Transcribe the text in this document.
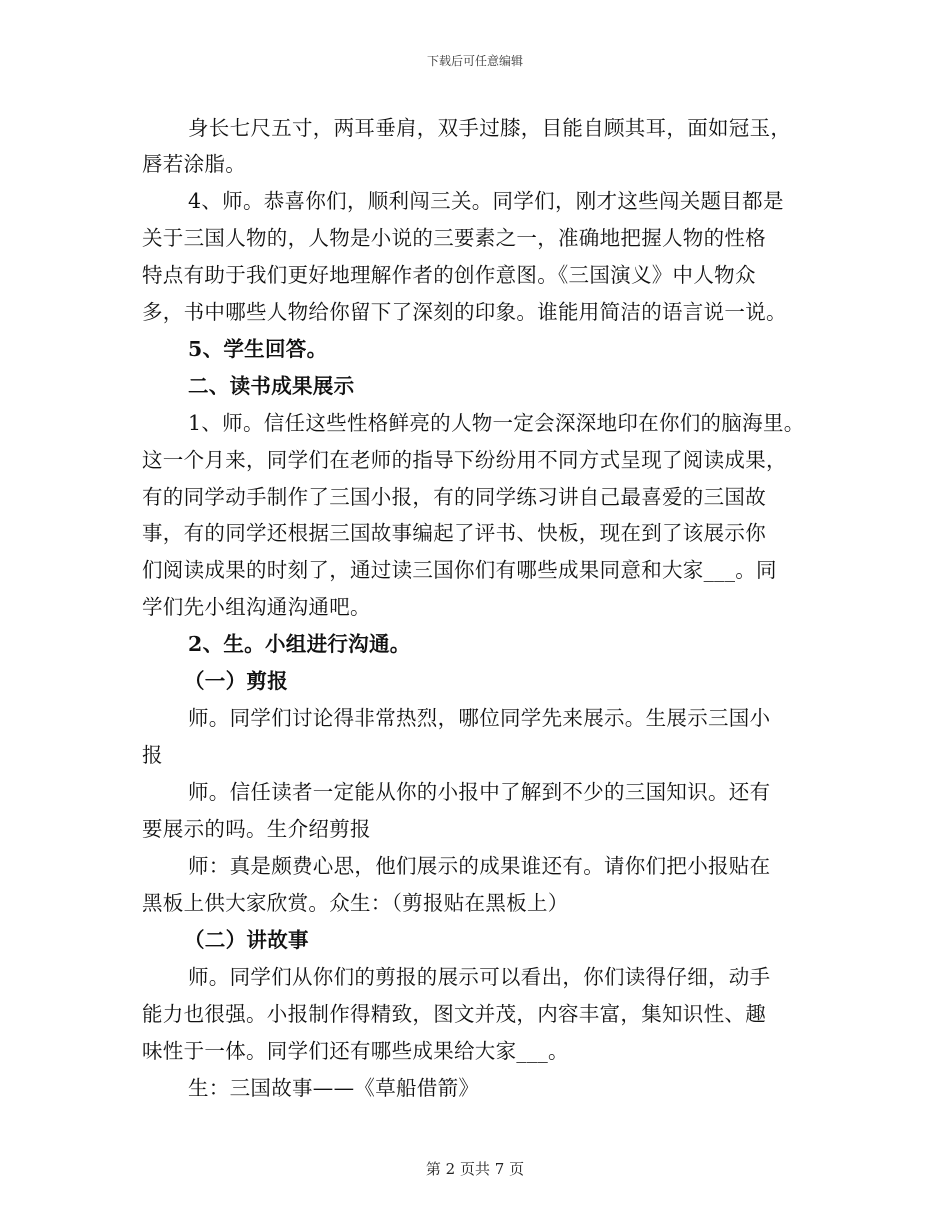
下载后可任意编辑
身长七尺五寸，两耳垂肩，双手过膝，目能自顾其耳，面如冠玉，
唇若涂脂。
4、师。恭喜你们，顺利闯三关。同学们，刚才这些闯关题目都是
关于三国人物的，人物是小说的三要素之一，准确地把握人物的性格
特点有助于我们更好地理解作者的创作意图。《三国演义》中人物众
多，书中哪些人物给你留下了深刻的印象。谁能用简洁的语言说一说。
5、学生回答。
二、读书成果展示
1、师。信任这些性格鲜亮的人物一定会深深地印在你们的脑海里。
这一个月来，同学们在老师的指导下纷纷用不同方式呈现了阅读成果，
有的同学动手制作了三国小报，有的同学练习讲自己最喜爱的三国故
事，有的同学还根据三国故事编起了评书、快板，现在到了该展示你
们阅读成果的时刻了，通过读三国你们有哪些成果同意和大家___。同
学们先小组沟通沟通吧。
2、生。小组进行沟通。
（一）剪报
师。同学们讨论得非常热烈，哪位同学先来展示。生展示三国小
报
师。信任读者一定能从你的小报中了解到不少的三国知识。还有
要展示的吗。生介绍剪报
师：真是颇费心思，他们展示的成果谁还有。请你们把小报贴在
黑板上供大家欣赏。众生：（剪报贴在黑板上）
（二）讲故事
师。同学们从你们的剪报的展示可以看出，你们读得仔细，动手
能力也很强。小报制作得精致，图文并茂，内容丰富，集知识性、趣
味性于一体。同学们还有哪些成果给大家___。
生：三国故事——《草船借箭》
第 2 页共 7 页
